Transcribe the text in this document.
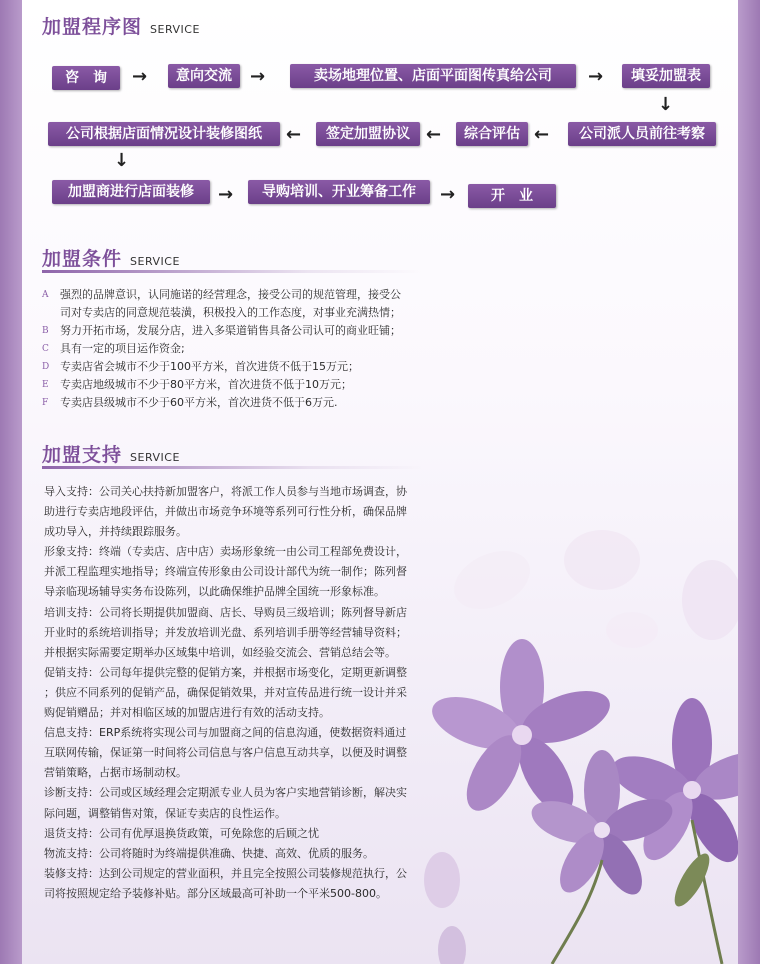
加盟程序图 SERVICE
咨　询	→	意向交流	→	卖场地理位置、店面平面图传真给公司	→	填妥加盟表
↓
公司派人员前往考察
←
综合评估
←
签定加盟协议
←
公司根据店面情况设计装修图纸
↓
加盟商进行店面装修	→	导购培训、开业筹备工作	→	开　业
加盟条件 SERVICE
A	强烈的品牌意识，认同施诺的经营理念，接受公司的规范管理，接受公
司对专卖店的同意规范装潢，积极投入的工作态度，对事业充满热情；
B	努力开拓市场，发展分店，进入多渠道销售具备公司认可的商业旺铺；
C	具有一定的项目运作资金;
D 专卖店省会城市不少于100平方米，首次进货不低于15万元；
E	专卖店地级城市不少于80平方米，首次进货不低于10万元；
F	专卖店县级城市不少于60平方米，首次进货不低于6万元.
加盟支持 SERVICE

导入支持：公司关心扶持新加盟客户，将派工作人员参与当地市场调查，协

助进行专卖店地段评估，并做出市场竞争环境等系列可行性分析，确保品牌

成功导入，并持续跟踪服务。

形象支持：终端（专卖店、店中店）卖场形象统一由公司工程部免费设计，

并派工程监理实地指导；终端宣传形象由公司设计部代为统一制作；陈列督

导亲临现场辅导实务布设陈列，以此确保维护品牌全国统一形象标准。

培训支持：公司将长期提供加盟商、店长、导购员三级培训；陈列督导新店

开业时的系统培训指导；并发放培训光盘、系列培训手册等经营辅导资料；

并根据实际需要定期举办区域集中培训，如经验交流会、营销总结会等。

促销支持：公司每年提供完整的促销方案，并根据市场变化，定期更新调整

；供应不同系列的促销产品，确保促销效果，并对宣传品进行统一设计并采

购促销赠品；并对相临区域的加盟店进行有效的活动支持。

信息支持：ERP系统将实现公司与加盟商之间的信息沟通，使数据资料通过

互联网传输，保证第一时间将公司信息与客户信息互动共享，以便及时调整

营销策略，占据市场制动权。

诊断支持：公司或区域经理会定期派专业人员为客户实地营销诊断，解决实

际问题，调整销售对策，保证专卖店的良性运作。

退货支持：公司有优厚退换货政策，可免除您的后顾之忧

物流支持：公司将随时为终端提供准确、快捷、高效、优质的服务。

装修支持：达到公司规定的营业面积，并且完全按照公司装修规范执行，公

司将按照规定给予装修补贴。部分区域最高可补助一个平米500-800。
